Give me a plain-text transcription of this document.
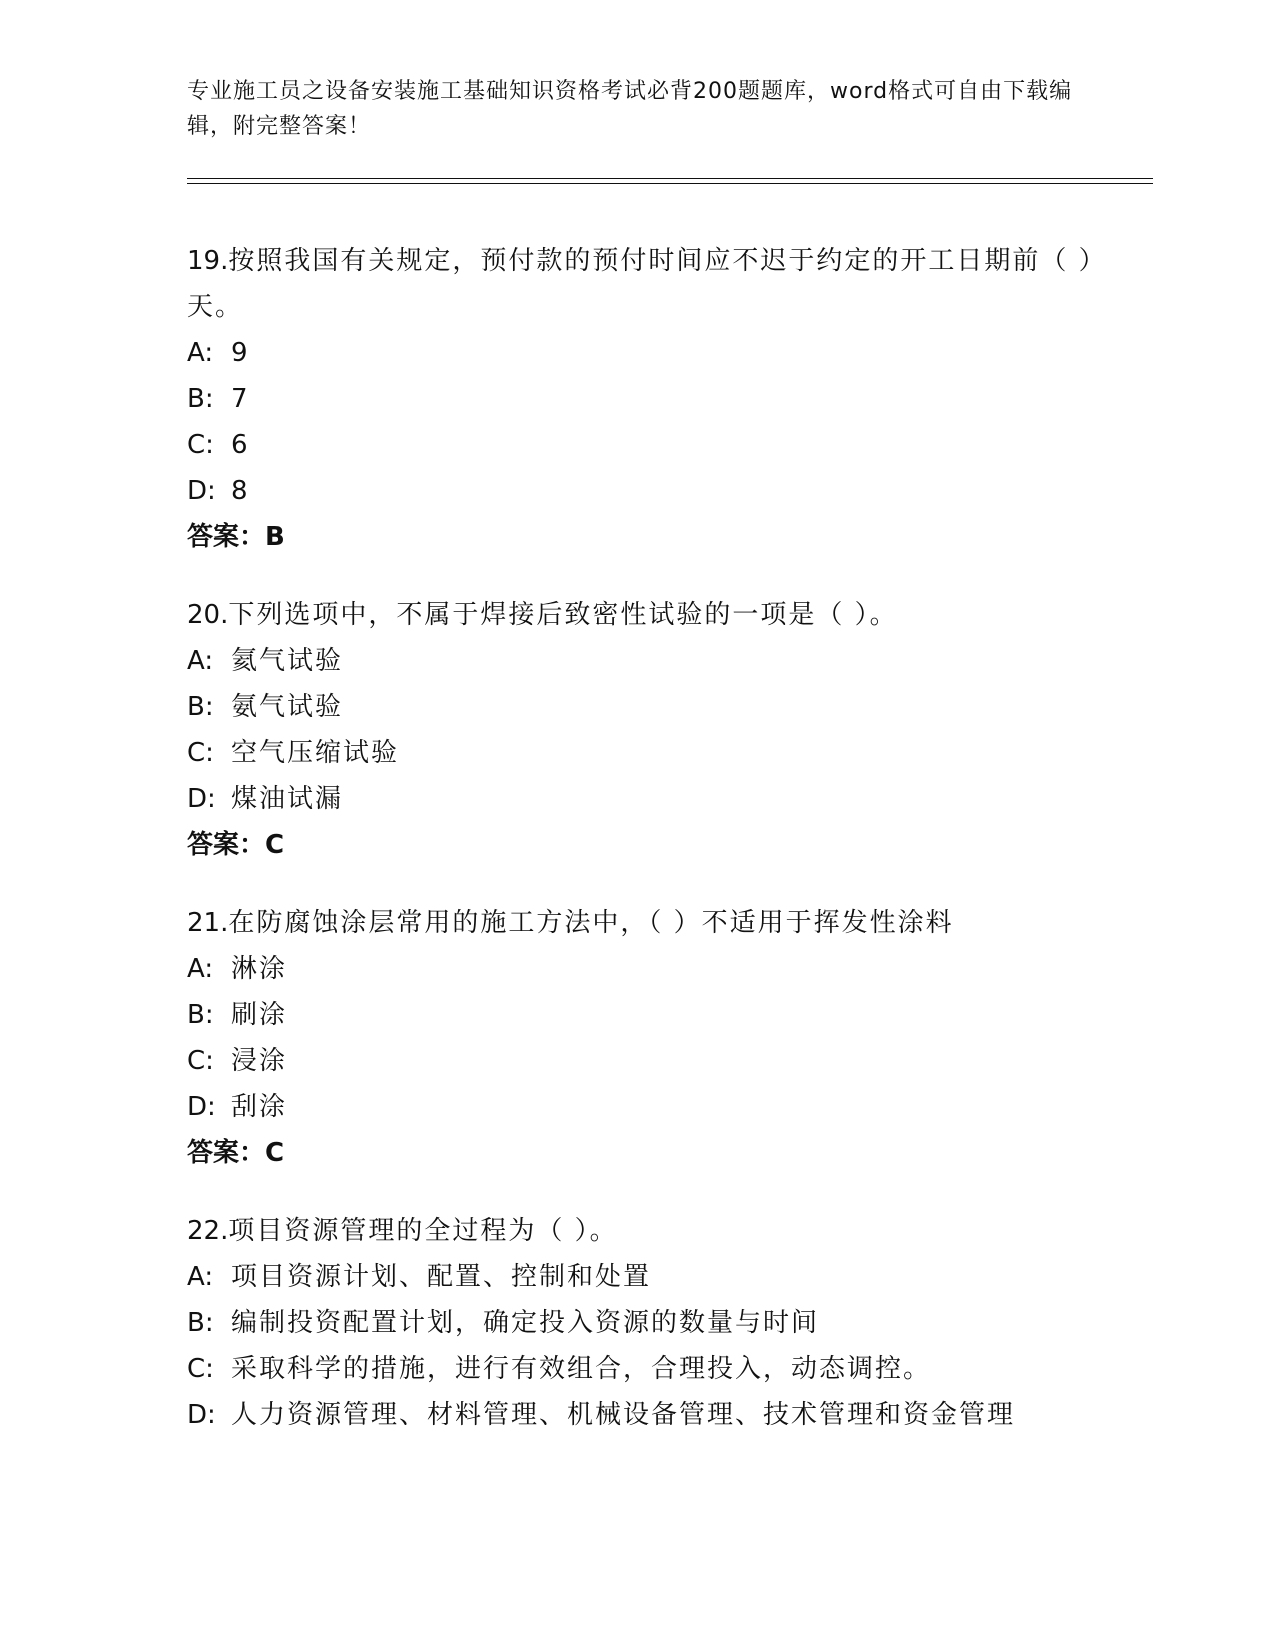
专业施工员之设备安装施工基础知识资格考试必背200题题库，word格式可自由下载编辑，附完整答案！

19.按照我国有关规定，预付款的预付时间应不迟于约定的开工日期前（ ）天。

A: 9

B: 7

C: 6

D: 8

答案：B

20.下列选项中，不属于焊接后致密性试验的一项是（ ）。

A: 氦气试验

B: 氨气试验

C: 空气压缩试验

D: 煤油试漏

答案：C

21.在防腐蚀涂层常用的施工方法中，（ ）不适用于挥发性涂料

A: 淋涂

B: 刷涂

C: 浸涂

D: 刮涂

答案：C

22.项目资源管理的全过程为（ ）。

A: 项目资源计划、配置、控制和处置

B: 编制投资配置计划，确定投入资源的数量与时间

C: 采取科学的措施，进行有效组合，合理投入，动态调控。

D: 人力资源管理、材料管理、机械设备管理、技术管理和资金管理
